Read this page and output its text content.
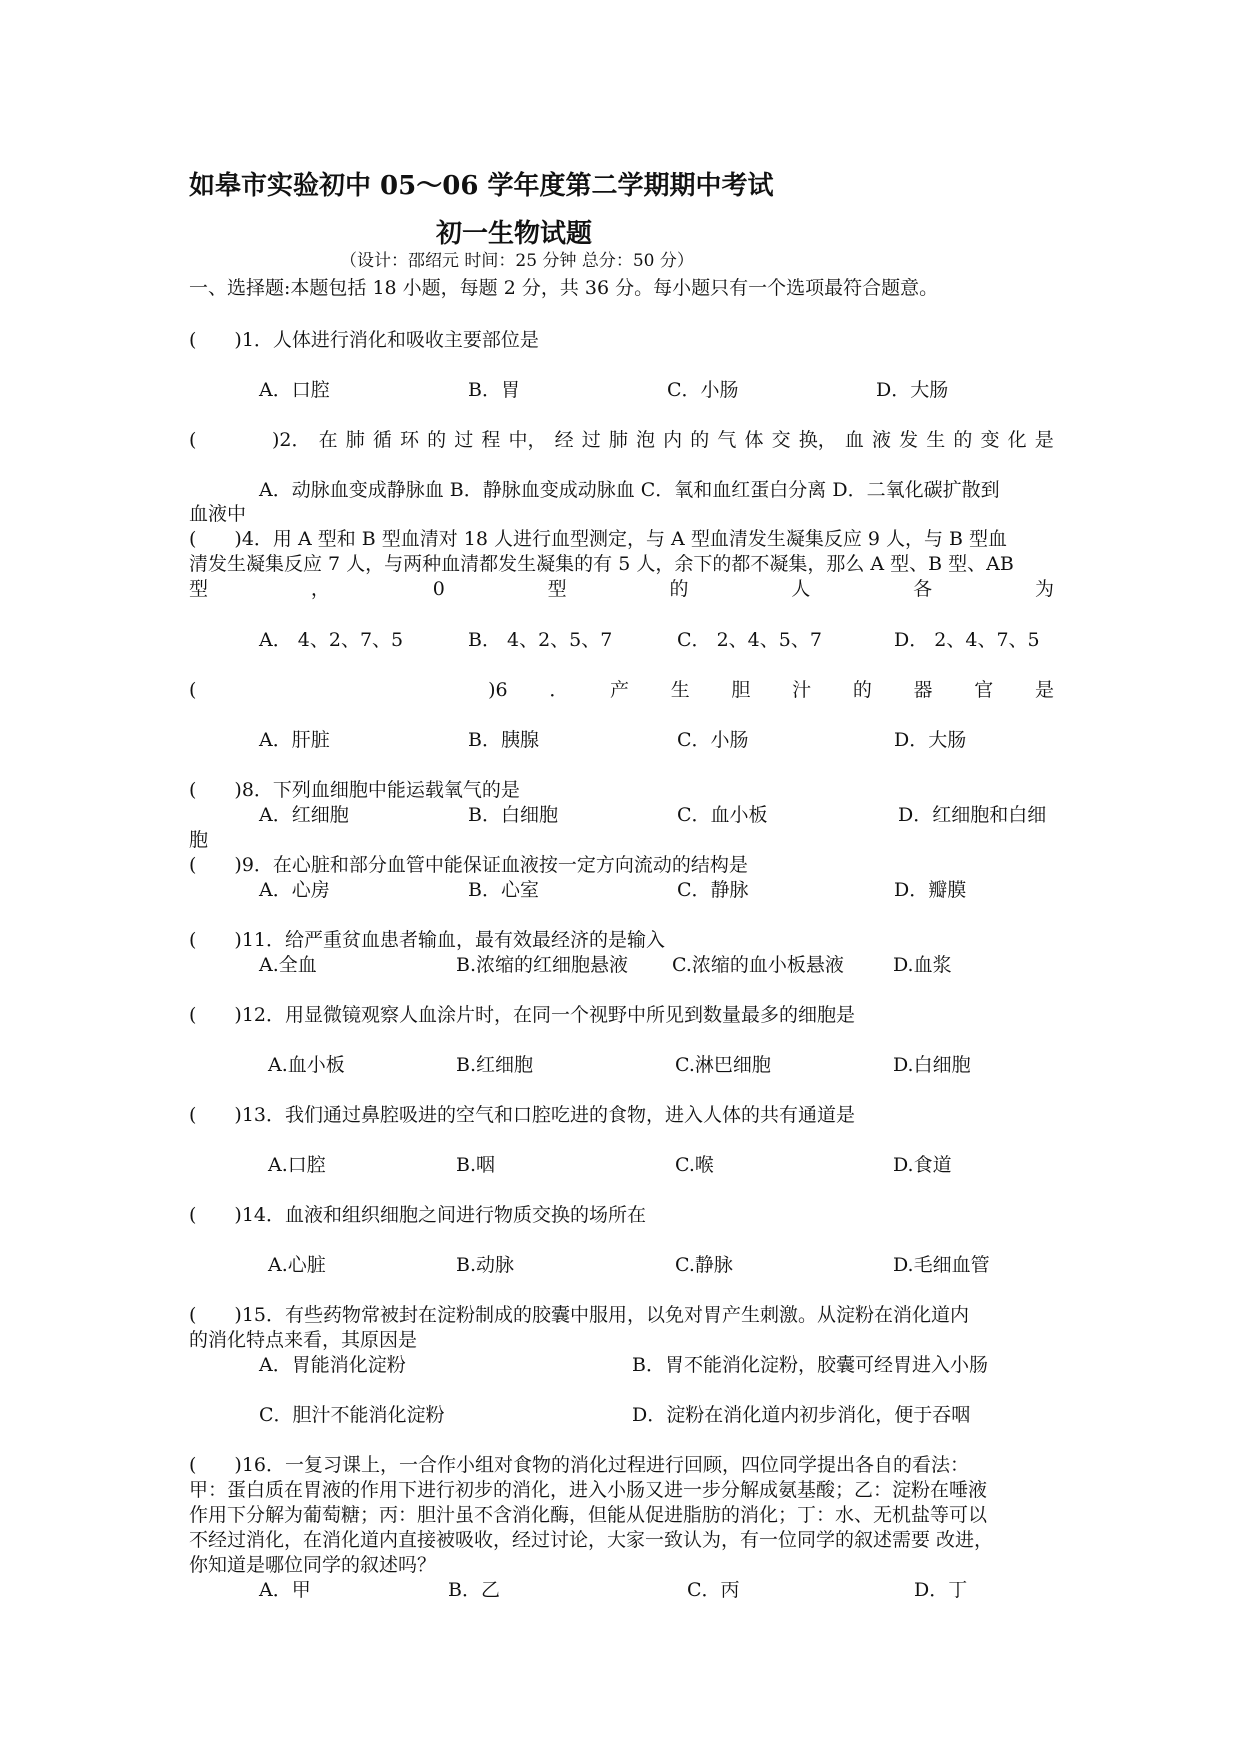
如皋市实验初中 05～06 学年度第二学期期中考试
初一生物试题
（设计：邵绍元 时间：25 分钟 总分：50 分）
一、选择题:本题包括 18 小题，每题 2 分，共 36 分。每小题只有一个选项最符合题意。
(　　)1．人体进行消化和吸收主要部位是
A．口腔	B．胃	C．小肠	D．大肠
(	)2． 在 肺 循 环 的 过 程 中， 经 过 肺 泡 内 的 气 体 交 换， 血 液 发 生 的 变 化 是
A．动脉血变成静脉血 B．静脉血变成动脉血 C．氧和血红蛋白分离 D．二氧化碳扩散到
血液中
(　　)4．用 A 型和 B 型血清对 18 人进行血型测定，与 A 型血清发生凝集反应 9 人，与 B 型血
清发生凝集反应 7 人，与两种血清都发生凝集的有 5 人，余下的都不凝集，那么 A 型、B 型、AB
型	，	0	型	的	人	各	为
A． 4、2、7、5	B． 4、2、5、7	C． 2、4、5、7	D． 2、4、7、5
(	)6 ． 产 生 胆 汁 的 器 官 是
A．肝脏	B．胰腺	C．小肠	D．大肠
(　　)8．下列血细胞中能运载氧气的是
A．红细胞	B．白细胞	C．血小板	D．红细胞和白细
胞
(　　)9．在心脏和部分血管中能保证血液按一定方向流动的结构是
A．心房	B．心室	C．静脉	D．瓣膜
(　　)11．给严重贫血患者输血，最有效最经济的是输入
A.全血	B.浓缩的红细胞悬液 C.浓缩的血小板悬液	D.血浆
(　　)12．用显微镜观察人血涂片时，在同一个视野中所见到数量最多的细胞是
A.血小板	B.红细胞	C.淋巴细胞	D.白细胞
(　　)13．我们通过鼻腔吸进的空气和口腔吃进的食物，进入人体的共有通道是
A.口腔	B.咽	C.喉	D.食道
(　　)14．血液和组织细胞之间进行物质交换的场所在
A.心脏	B.动脉	C.静脉	D.毛细血管
(　　)15．有些药物常被封在淀粉制成的胶囊中服用，以免对胃产生刺激。从淀粉在消化道内
的消化特点来看，其原因是
A．胃能消化淀粉	B．胃不能消化淀粉，胶囊可经胃进入小肠
C．胆汁不能消化淀粉	D．淀粉在消化道内初步消化，便于吞咽
(　　)16．一复习课上，一合作小组对食物的消化过程进行回顾，四位同学提出各自的看法：
甲：蛋白质在胃液的作用下进行初步的消化，进入小肠又进一步分解成氨基酸；乙：淀粉在唾液
作用下分解为葡萄糖；丙：胆汁虽不含消化酶，但能从促进脂肪的消化；丁：水、无机盐等可以
不经过消化，在消化道内直接被吸收，经过讨论，大家一致认为，有一位同学的叙述需要 改进，
你知道是哪位同学的叙述吗？
A．甲	B．乙	C．丙	D．丁
